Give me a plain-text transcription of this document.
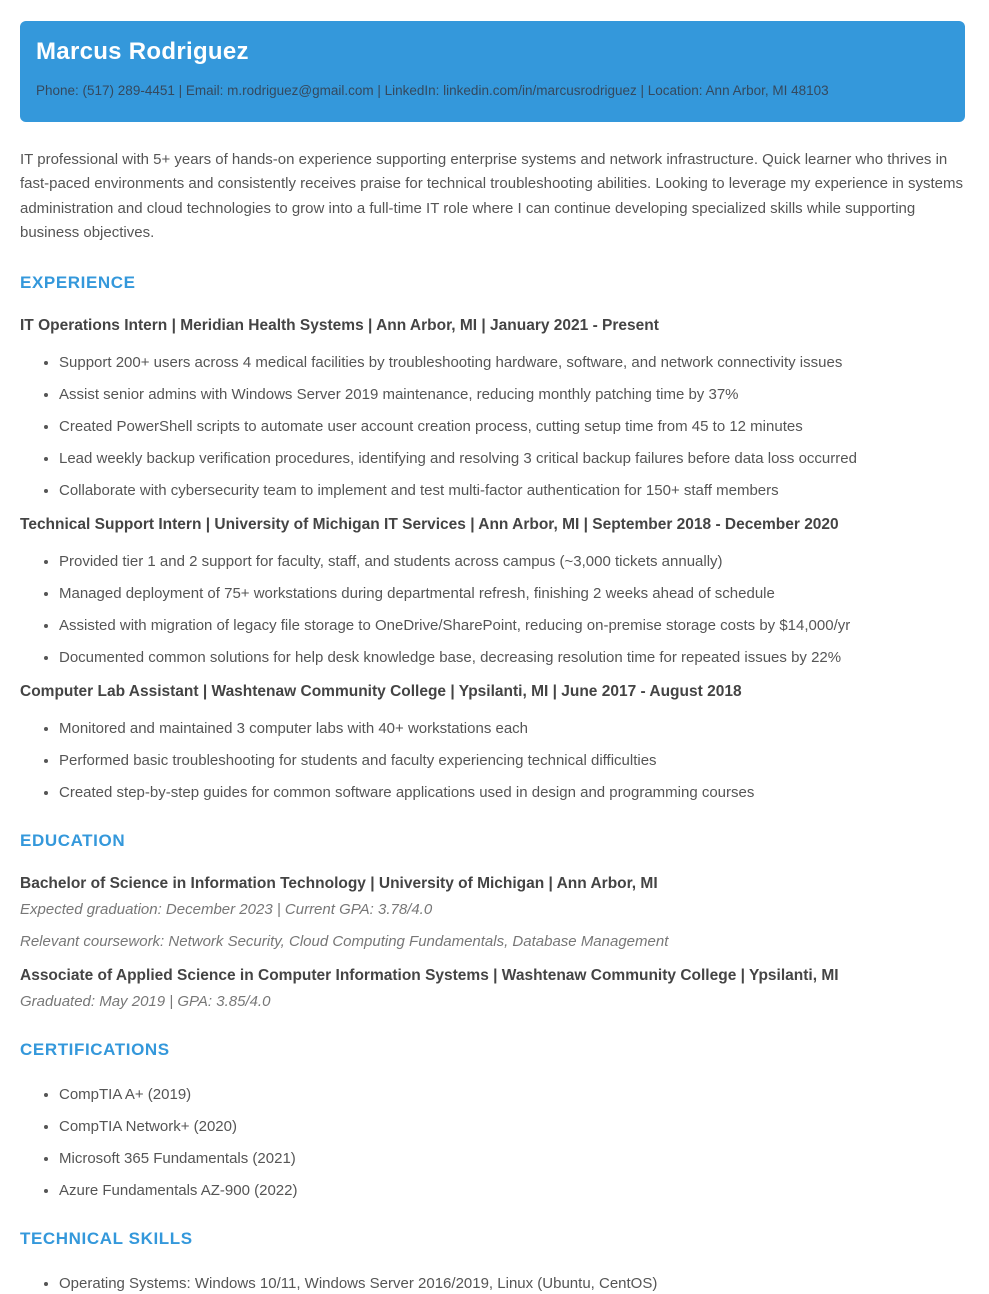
Marcus Rodriguez

Phone: (517) 289-4451 | Email: m.rodriguez@gmail.com | LinkedIn: linkedin.com/in/marcusrodriguez | Location: Ann Arbor, MI 48103

IT professional with 5+ years of hands-on experience supporting enterprise systems and network infrastructure. Quick learner who thrives in fast-paced environments and consistently receives praise for technical troubleshooting abilities. Looking to leverage my experience in systems administration and cloud technologies to grow into a full-time IT role where I can continue developing specialized skills while supporting business objectives.

EXPERIENCE
IT Operations Intern | Meridian Health Systems | Ann Arbor, MI | January 2021 - Present
• Support 200+ users across 4 medical facilities by troubleshooting hardware, software, and network connectivity issues
• Assist senior admins with Windows Server 2019 maintenance, reducing monthly patching time by 37%
• Created PowerShell scripts to automate user account creation process, cutting setup time from 45 to 12 minutes
• Lead weekly backup verification procedures, identifying and resolving 3 critical backup failures before data loss occurred
• Collaborate with cybersecurity team to implement and test multi-factor authentication for 150+ staff members
Technical Support Intern | University of Michigan IT Services | Ann Arbor, MI | September 2018 - December 2020
• Provided tier 1 and 2 support for faculty, staff, and students across campus (~3,000 tickets annually)
• Managed deployment of 75+ workstations during departmental refresh, finishing 2 weeks ahead of schedule
• Assisted with migration of legacy file storage to OneDrive/SharePoint, reducing on-premise storage costs by $14,000/yr
• Documented common solutions for help desk knowledge base, decreasing resolution time for repeated issues by 22%
Computer Lab Assistant | Washtenaw Community College | Ypsilanti, MI | June 2017 - August 2018
• Monitored and maintained 3 computer labs with 40+ workstations each
• Performed basic troubleshooting for students and faculty experiencing technical difficulties
• Created step-by-step guides for common software applications used in design and programming courses
EDUCATION
Bachelor of Science in Information Technology | University of Michigan | Ann Arbor, MI

Expected graduation: December 2023 | Current GPA: 3.78/4.0

Relevant coursework: Network Security, Cloud Computing Fundamentals, Database Management

Associate of Applied Science in Computer Information Systems | Washtenaw Community College | Ypsilanti, MI

Graduated: May 2019 | GPA: 3.85/4.0

CERTIFICATIONS
• CompTIA A+ (2019)
• CompTIA Network+ (2020)
• Microsoft 365 Fundamentals (2021)
• Azure Fundamentals AZ-900 (2022)
TECHNICAL SKILLS
• Operating Systems: Windows 10/11, Windows Server 2016/2019, Linux (Ubuntu, CentOS)
